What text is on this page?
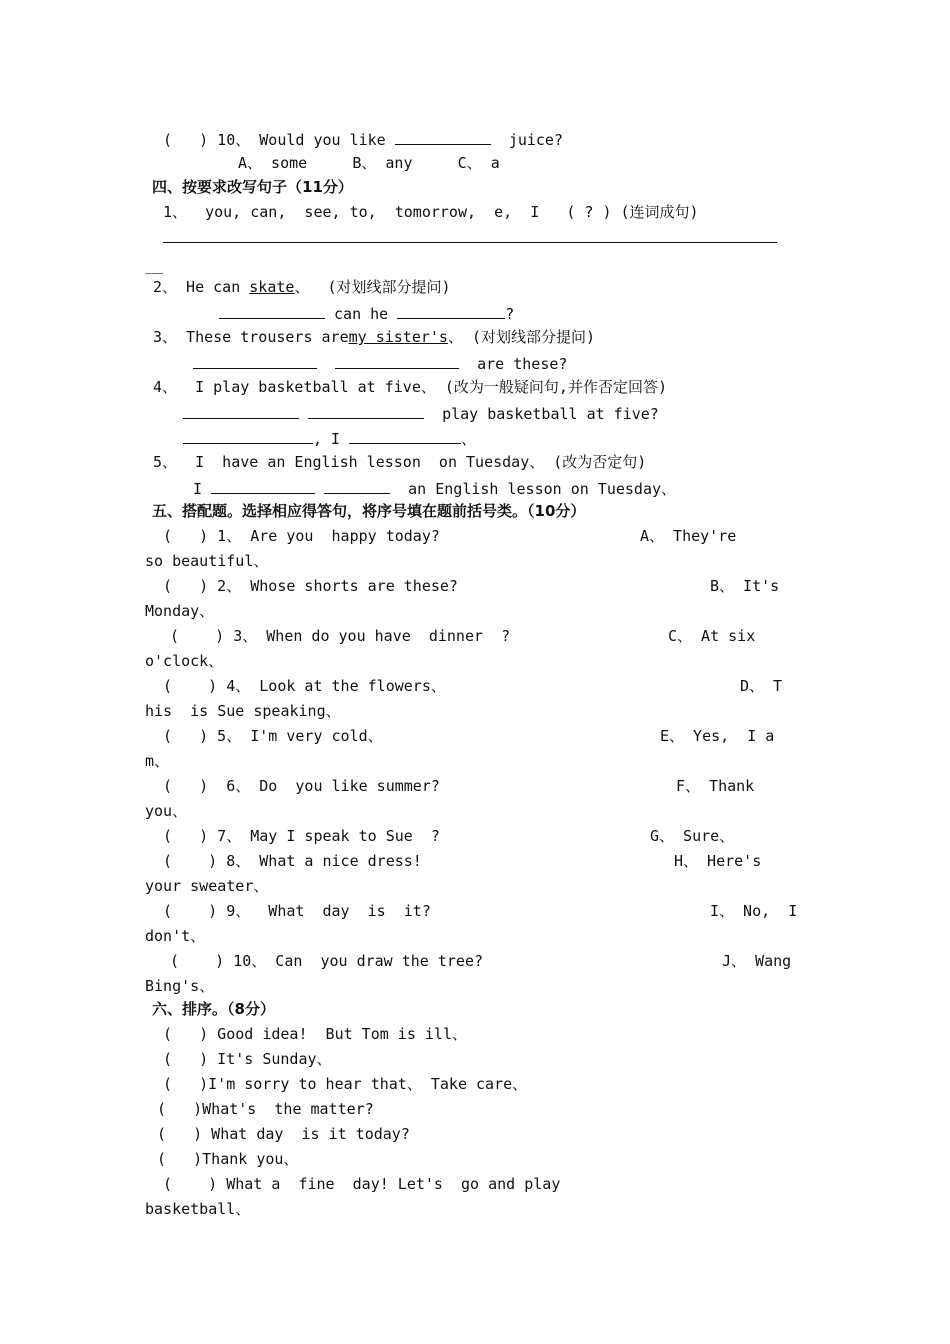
(   ) 10、 Would you like	juice?
A、 some     B、 any     C、 a
四、按要求改写句子（11分）
1、  you, can,  see, to,  tomorrow,  e,  I   ( ? ) (连词成句)
__
2、 He can skate、  (对划线部分提问)
can he	?
3、 These trousers aremy sister's、 (对划线部分提问)
are these?
4、  I play basketball at five、 (改为一般疑问句,并作否定回答)
play basketball at five?
, I	、
5、  I  have an English lesson  on Tuesday、 (改为否定句)
I	an English lesson on Tuesday、
五、搭配题。选择相应得答句，将序号填在题前括号类。（10分）
(   ) 1、 Are you  happy today?	A、 They're
so beautiful、
(   ) 2、 Whose shorts are these?	B、 It's
Monday、
(    ) 3、 When do you have  dinner  ?	C、 At six
o'clock、
(    ) 4、 Look at the flowers、	D、 T
his  is Sue speaking、
(   ) 5、 I'm very cold、	E、 Yes,  I a
m、
(   )  6、 Do  you like summer?	F、 Thank
you、
(   ) 7、 May I speak to Sue  ?	G、 Sure、
(    ) 8、 What a nice dress!	H、 Here's
your sweater、
(    ) 9、  What  day  is  it?	I、 No,  I
don't、
(    ) 10、 Can  you draw the tree?	J、 Wang
Bing's、
六、排序。（8分）
(   ) Good idea!  But Tom is ill、
(   ) It's Sunday、
(   )I'm sorry to hear that、 Take care、
(   )What's  the matter?
(   ) What day  is it today?
(   )Thank you、
(    ) What a  fine  day! Let's  go and play
basketball、
